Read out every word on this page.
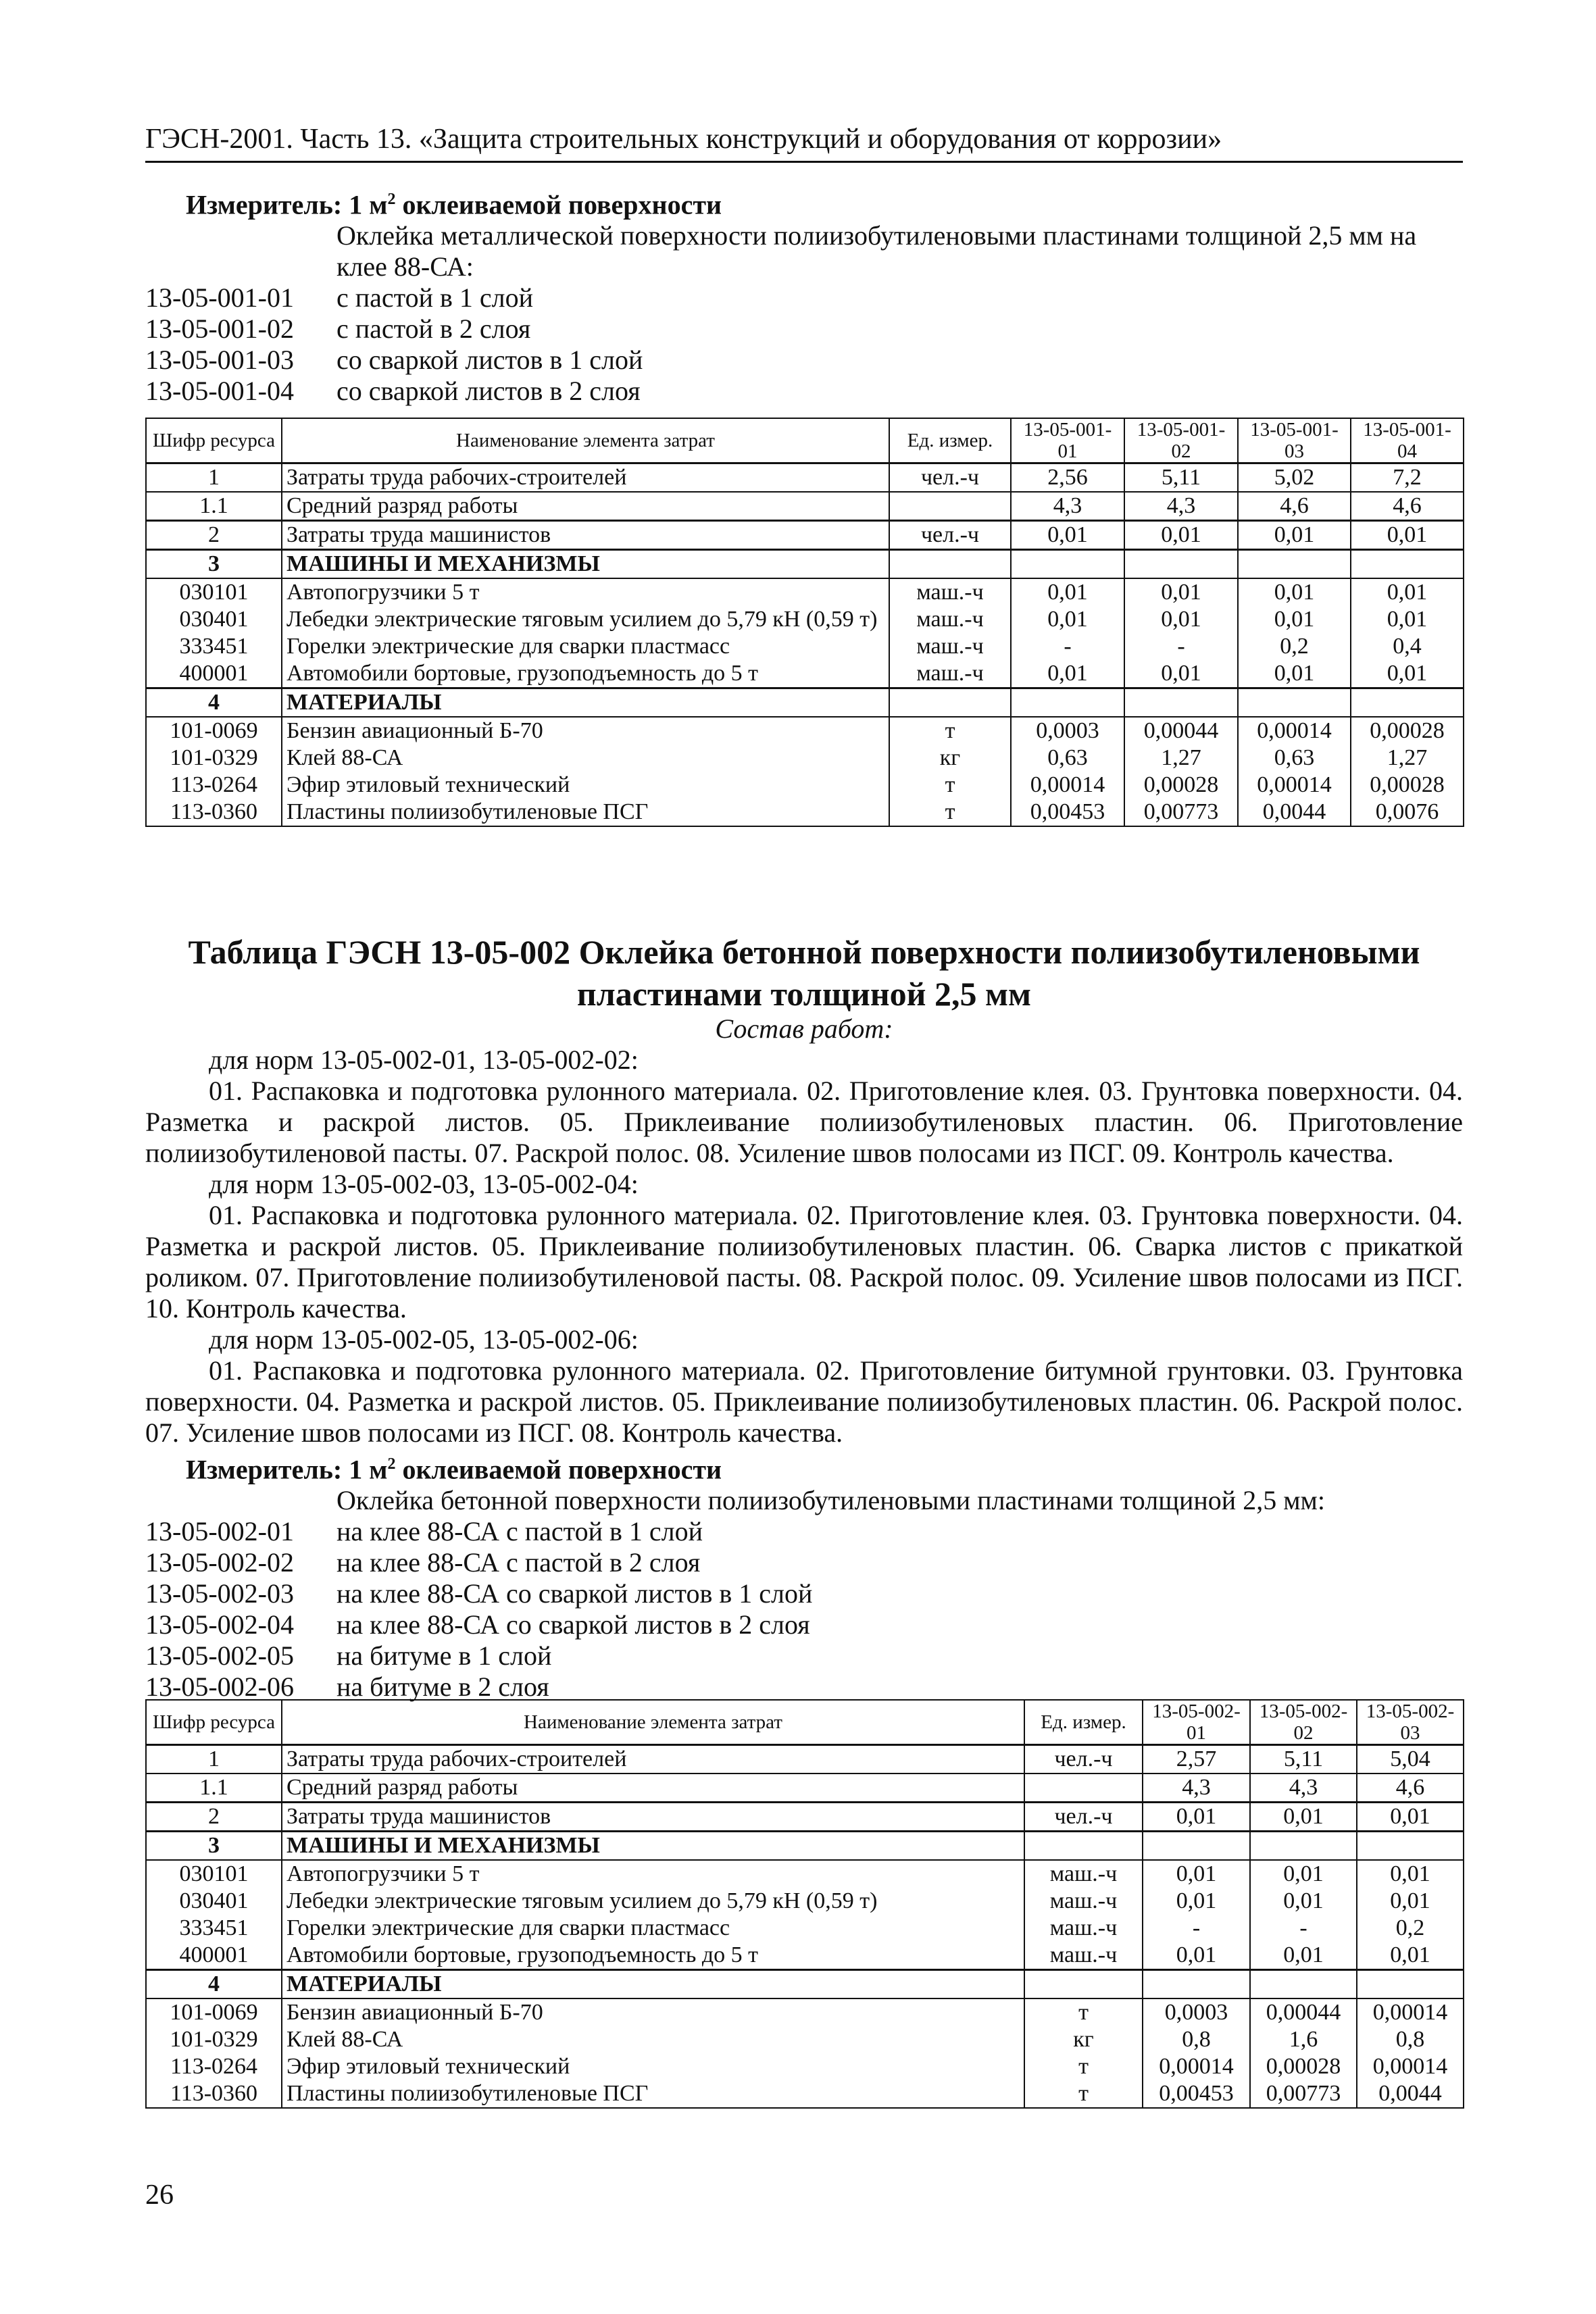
ГЭСН-2001. Часть 13. «Защита строительных конструкций и оборудования от коррозии»
Измеритель: 1 $м^2$ оклеиваемой поверхности
Оклейка металлической поверхности полиизобутиленовыми пластинами толщиной 2,5 мм на клее 88-СА:
13-05-001-01	с пастой в 1 слой
13-05-001-02	с пастой в 2 слоя
13-05-001-03	со сваркой листов в 1 слой
13-05-001-04	со сваркой листов в 2 слоя
Шифр ресурса	Наименование элемента затрат	Ед. измер.	13-05-001-01	13-05-001-02	13-05-001-03	13-05-001-04
1	Затраты труда рабочих-строителей	чел.-ч	2,56	5,11	5,02	7,2
1.1	Средний разряд работы		4,3	4,3	4,6	4,6
2	Затраты труда машинистов	чел.-ч	0,01	0,01	0,01	0,01
3	МАШИНЫ И МЕХАНИЗМЫ					
030101	Автопогрузчики 5 т	маш.-ч	0,01	0,01	0,01	0,01
030401	Лебедки электрические тяговым усилием до 5,79 кН (0,59 т)	маш.-ч	0,01	0,01	0,01	0,01
333451	Горелки электрические для сварки пластмасс	маш.-ч	-	-	0,2	0,4
400001	Автомобили бортовые, грузоподъемность до 5 т	маш.-ч	0,01	0,01	0,01	0,01
4	МАТЕРИАЛЫ					
101-0069	Бензин авиационный Б-70	т	0,0003	0,00044	0,00014	0,00028
101-0329	Клей 88-СА	кг	0,63	1,27	0,63	1,27
113-0264	Эфир этиловый технический	т	0,00014	0,00028	0,00014	0,00028
113-0360	Пластины полиизобутиленовые ПСГ	т	0,00453	0,00773	0,0044	0,0076
Таблица ГЭСН 13-05-002 Оклейка бетонной поверхности полиизобутиленовыми пластинами толщиной 2,5 мм
Состав работ:
для норм 13-05-002-01, 13-05-002-02:
01. Распаковка и подготовка рулонного материала. 02. Приготовление клея. 03. Грунтовка поверхности. 04. Разметка и раскрой листов. 05. Приклеивание полиизобутиленовых пластин. 06. Приготовление полиизобутиленовой пасты. 07. Раскрой полос. 08. Усиление швов полосами из ПСГ. 09. Контроль качества.
для норм 13-05-002-03, 13-05-002-04:
01. Распаковка и подготовка рулонного материала. 02. Приготовление клея. 03. Грунтовка поверхности. 04. Разметка и раскрой листов. 05. Приклеивание полиизобутиленовых пластин. 06. Сварка листов с прикаткой роликом. 07. Приготовление полиизобутиленовой пасты. 08. Раскрой полос. 09. Усиление швов полосами из ПСГ. 10. Контроль качества.
для норм 13-05-002-05, 13-05-002-06:
01. Распаковка и подготовка рулонного материала. 02. Приготовление битумной грунтовки. 03. Грунтовка поверхности. 04. Разметка и раскрой листов. 05. Приклеивание полиизобутиленовых пластин. 06. Раскрой полос. 07. Усиление швов полосами из ПСГ. 08. Контроль качества.
Измеритель: 1 $м^2$ оклеиваемой поверхности
Оклейка бетонной поверхности полиизобутиленовыми пластинами толщиной 2,5 мм:
13-05-002-01	на клее 88-СА с пастой в 1 слой
13-05-002-02	на клее 88-СА с пастой в 2 слоя
13-05-002-03	на клее 88-СА со сваркой листов в 1 слой
13-05-002-04	на клее 88-СА со сваркой листов в 2 слоя
13-05-002-05	на битуме в 1 слой
13-05-002-06	на битуме в 2 слоя
Шифр ресурса	Наименование элемента затрат	Ед. измер.	13-05-002-01	13-05-002-02	13-05-002-03
1	Затраты труда рабочих-строителей	чел.-ч	2,57	5,11	5,04
1.1	Средний разряд работы		4,3	4,3	4,6
2	Затраты труда машинистов	чел.-ч	0,01	0,01	0,01
3	МАШИНЫ И МЕХАНИЗМЫ				
030101	Автопогрузчики 5 т	маш.-ч	0,01	0,01	0,01
030401	Лебедки электрические тяговым усилием до 5,79 кН (0,59 т)	маш.-ч	0,01	0,01	0,01
333451	Горелки электрические для сварки пластмасс	маш.-ч	-	-	0,2
400001	Автомобили бортовые, грузоподъемность до 5 т	маш.-ч	0,01	0,01	0,01
4	МАТЕРИАЛЫ				
101-0069	Бензин авиационный Б-70	т	0,0003	0,00044	0,00014
101-0329	Клей 88-СА	кг	0,8	1,6	0,8
113-0264	Эфир этиловый технический	т	0,00014	0,00028	0,00014
113-0360	Пластины полиизобутиленовые ПСГ	т	0,00453	0,00773	0,0044
26
